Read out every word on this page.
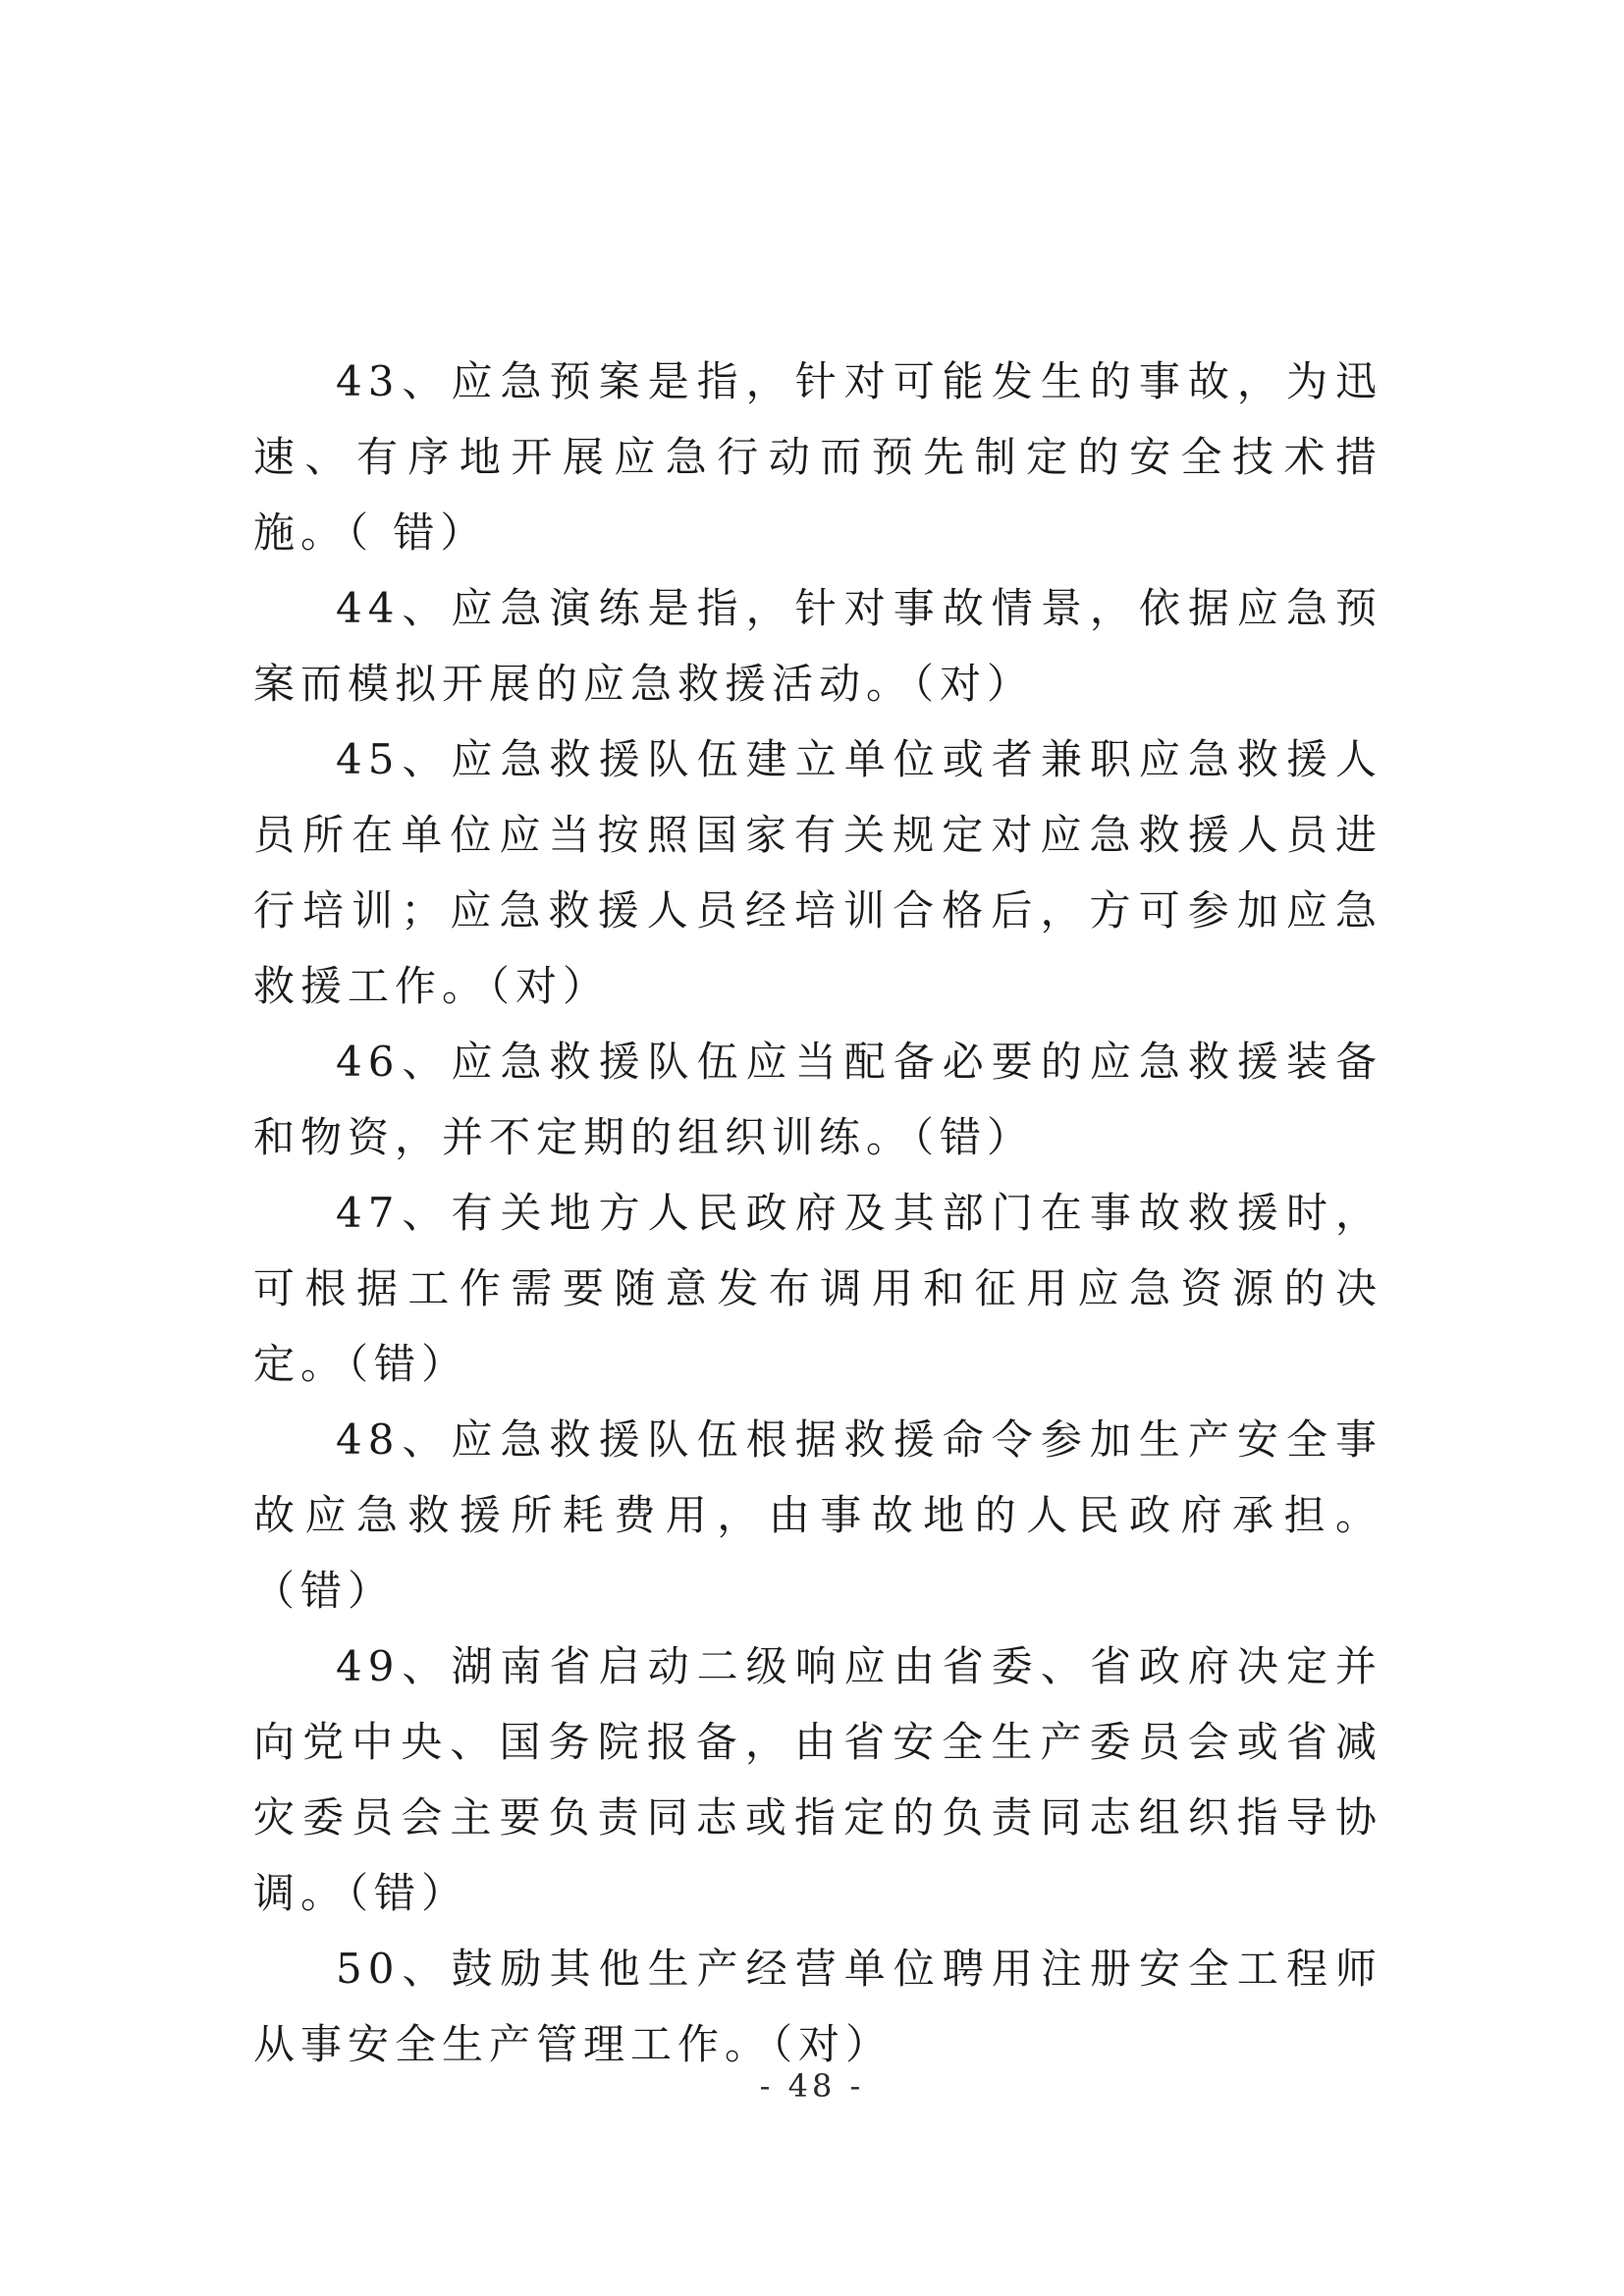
43、应急预案是指，针对可能发生的事故，为迅速、有序地开展应急行动而预先制定的安全技术措施。（ 错）

44、应急演练是指，针对事故情景，依据应急预案而模拟开展的应急救援活动。（对）

45、应急救援队伍建立单位或者兼职应急救援人员所在单位应当按照国家有关规定对应急救援人员进行培训；应急救援人员经培训合格后，方可参加应急救援工作。（对）

46、应急救援队伍应当配备必要的应急救援装备和物资，并不定期的组织训练。（错）

47、有关地方人民政府及其部门在事故救援时，可根据工作需要随意发布调用和征用应急资源的决定。（错）

48、应急救援队伍根据救援命令参加生产安全事故应急救援所耗费用，由事故地的人民政府承担。（错）

49、湖南省启动二级响应由省委、省政府决定并向党中央、国务院报备，由省安全生产委员会或省减灾委员会主要负责同志或指定的负责同志组织指导协调。（错）

50、鼓励其他生产经营单位聘用注册安全工程师从事安全生产管理工作。（对）

- 48 -
